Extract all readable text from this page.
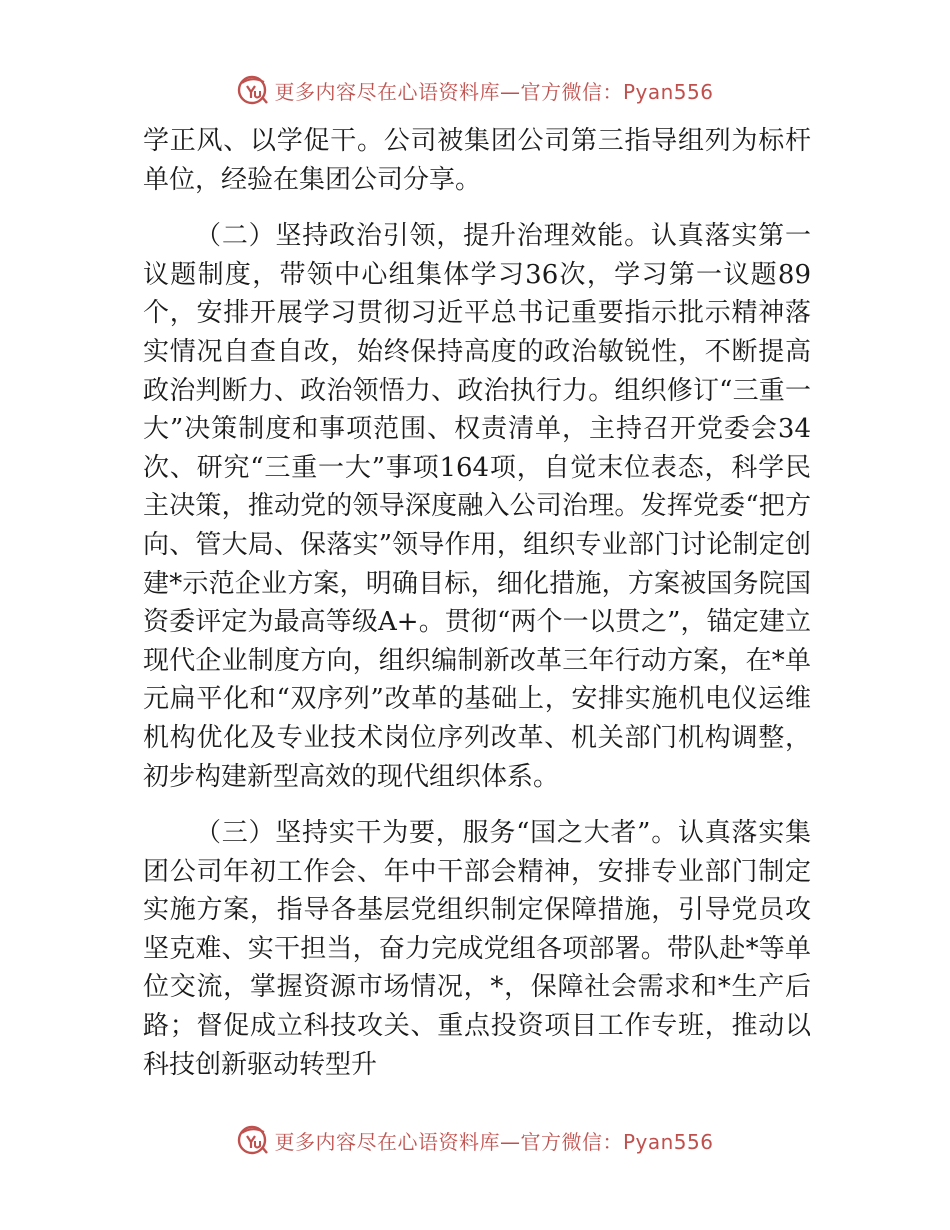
更多内容尽在心语资料库—官方微信：Pyan556

学正风、以学促干。公司被集团公司第三指导组列为标杆单位，经验在集团公司分享。

（二）坚持政治引领，提升治理效能。认真落实第一议题制度，带领中心组集体学习36次，学习第一议题89个，安排开展学习贯彻习近平总书记重要指示批示精神落实情况自查自改，始终保持高度的政治敏锐性，不断提高政治判断力、政治领悟力、政治执行力。组织修订“三重一大”决策制度和事项范围、权责清单，主持召开党委会34次、研究“三重一大”事项164项，自觉末位表态，科学民主决策，推动党的领导深度融入公司治理。发挥党委“把方向、管大局、保落实”领导作用，组织专业部门讨论制定创建*示范企业方案，明确目标，细化措施，方案被国务院国资委评定为最高等级A+。贯彻“两个一以贯之”，锚定建立现代企业制度方向，组织编制新改革三年行动方案，在*单元扁平化和“双序列”改革的基础上，安排实施机电仪运维机构优化及专业技术岗位序列改革、机关部门机构调整，初步构建新型高效的现代组织体系。

（三）坚持实干为要，服务“国之大者”。认真落实集团公司年初工作会、年中干部会精神，安排专业部门制定实施方案，指导各基层党组织制定保障措施，引导党员攻坚克难、实干担当，奋力完成党组各项部署。带队赴*等单位交流，掌握资源市场情况，*，保障社会需求和*生产后路；督促成立科技攻关、重点投资项目工作专班，推动以科技创新驱动转型升

更多内容尽在心语资料库—官方微信：Pyan556
